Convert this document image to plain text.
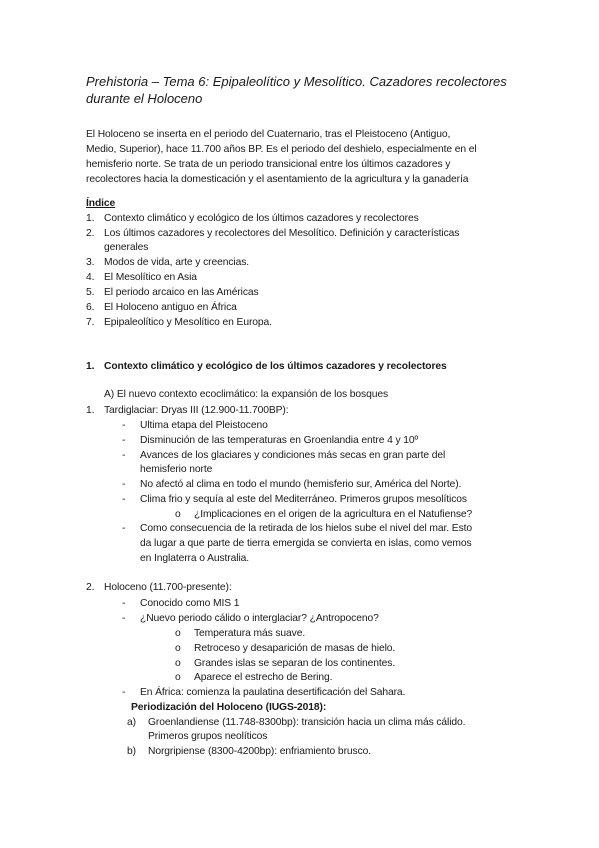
Prehistoria – Tema 6: Epipaleolítico y Mesolítico. Cazadores recolectores durante el Holoceno
El Holoceno se inserta en el periodo del Cuaternario, tras el Pleistoceno (Antiguo,
Medio, Superior), hace 11.700 años BP. Es el periodo del deshielo, especialmente en el
hemisferio norte. Se trata de un periodo transicional entre los últimos cazadores y
recolectores hacia la domesticación y el asentamiento de la agricultura y la ganadería
Índice
1. Contexto climático y ecológico de los últimos cazadores y recolectores
2. Los últimos cazadores y recolectores del Mesolítico. Definición y características
generales
3. Modos de vida, arte y creencias.
4. El Mesolítico en Asia
5. El periodo arcaico en las Américas
6. El Holoceno antiguo en África
7. Epipaleolítico y Mesolítico en Europa.
1. Contexto climático y ecológico de los últimos cazadores y recolectores
A) El nuevo contexto ecoclimático: la expansión de los bosques
1. Tardiglaciar: Dryas III (12.900-11.700BP):
- Ultima etapa del Pleistoceno
- Disminución de las temperaturas en Groenlandia entre 4 y 10º
- Avances de los glaciares y condiciones más secas en gran parte del
hemisferio norte
- No afectó al clima en todo el mundo (hemisferio sur, América del Norte).
- Clima frio y sequía al este del Mediterráneo. Primeros grupos mesolíticos
o ¿Implicaciones en el origen de la agricultura en el Natufiense?
- Como consecuencia de la retirada de los hielos sube el nivel del mar. Esto
da lugar a que parte de tierra emergida se convierta en islas, como vemos
en Inglaterra o Australia.
2. Holoceno (11.700-presente):
- Conocido como MIS 1
- ¿Nuevo periodo cálido o interglaciar? ¿Antropoceno?
o Temperatura más suave.
o Retroceso y desaparición de masas de hielo.
o Grandes islas se separan de los continentes.
o Aparece el estrecho de Bering.
- En África: comienza la paulatina desertificación del Sahara.
Periodización del Holoceno (IUGS-2018):
a) Groenlandiense (11.748-8300bp): transición hacia un clima más cálido.
Primeros grupos neolíticos
b) Norgripiense (8300-4200bp): enfriamiento brusco.
